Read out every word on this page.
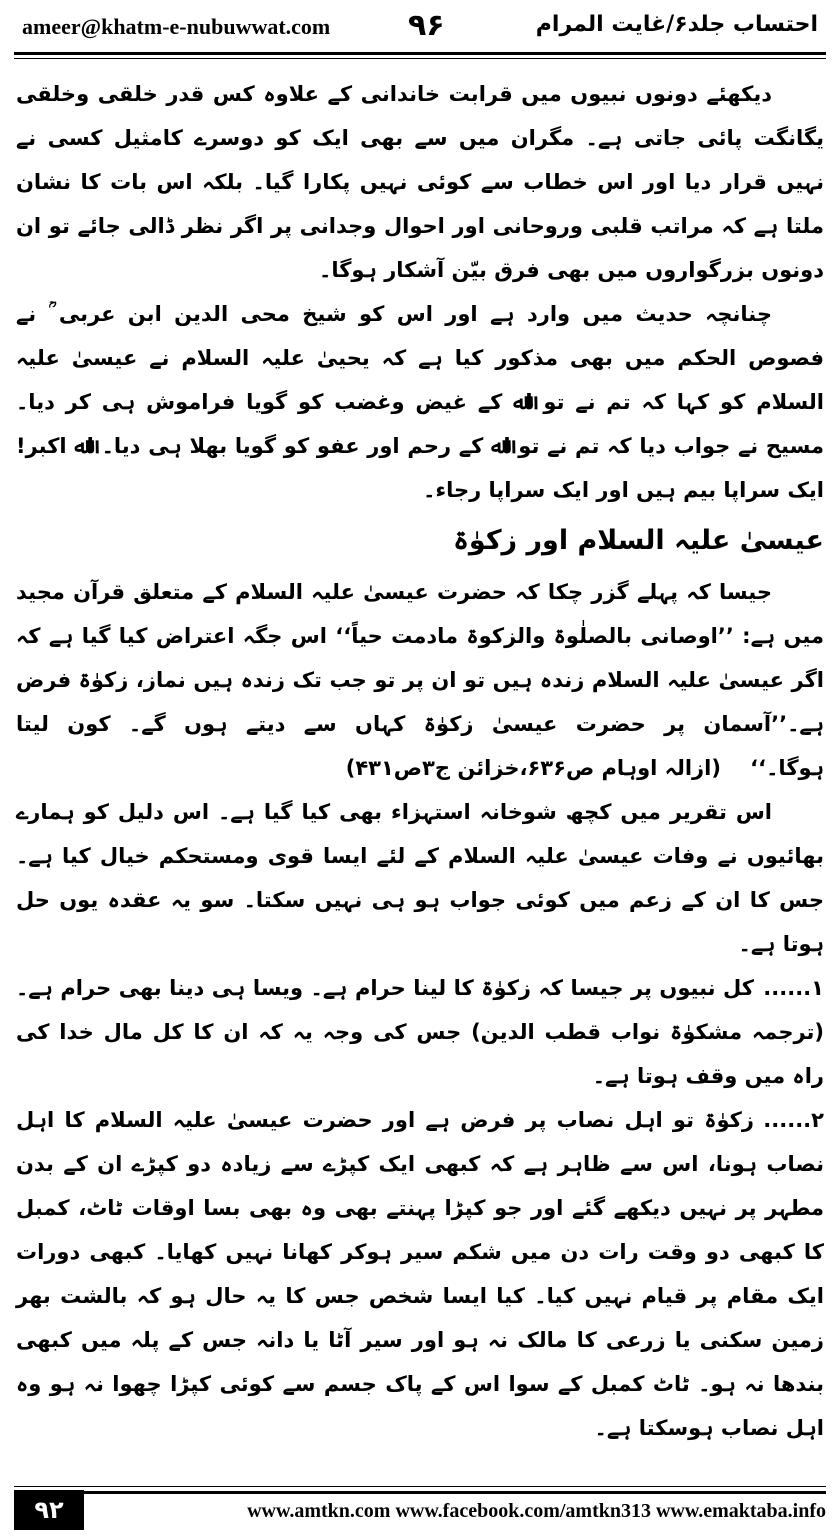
ameer@khatm-e-nubuwwat.com	۹۶	احتساب جلد۶/غایت المرام

دیکھئے دونوں نبیوں میں قرابت خاندانی کے علاوہ کس قدر خلقی وخلقی یگانگت پائی جاتی ہے۔ مگران میں سے بھی ایک کو دوسرے کامثیل کسی نے نہیں قرار دیا اور اس خطاب سے کوئی نہیں پکارا گیا۔ بلکہ اس بات کا نشان ملتا ہے کہ مراتب قلبی وروحانی اور احوال وجدانی پر اگر نظر ڈالی جائے تو ان دونوں بزرگواروں میں بھی فرق بیّن آشکار ہوگا۔

چنانچہ حدیث میں وارد ہے اور اس کو شیخ محی الدین ابن عربی ؒ نے فصوص الحکم میں بھی مذکور کیا ہے کہ یحییٰ علیہ السلام نے عیسیٰ علیہ السلام کو کہا کہ تم نے تو اﷲ کے غیض وغضب کو گویا فراموش ہی کر دیا۔ مسیح نے جواب دیا کہ تم نے تو اﷲ کے رحم اور عفو کو گویا بھلا ہی دیا۔ اﷲ اکبر! ایک سراپا بیم ہیں اور ایک سراپا رجاء۔

عیسیٰ علیہ السلام اور زکوٰۃ

جیسا کہ پہلے گزر چکا کہ حضرت عیسیٰ علیہ السلام کے متعلق قرآن مجید میں ہے: ’’اوصانی بالصلٰوۃ والزکوۃ مادمت حیاً‘‘ اس جگہ اعتراض کیا گیا ہے کہ اگر عیسیٰ علیہ السلام زندہ ہیں تو ان پر تو جب تک زندہ ہیں نماز، زکوٰۃ فرض ہے۔’’آسمان پر حضرت عیسیٰ زکوٰۃ کہاں سے دیتے ہوں گے۔ کون لیتا ہوگا۔‘‘    (ازالہ اوہام ص۶۳۶،خزائن ج۳ص۴۳۱)

اس تقریر میں کچھ شوخانہ استہزاء بھی کیا گیا ہے۔ اس دلیل کو ہمارے بھائیوں نے وفات عیسیٰ علیہ السلام کے لئے ایسا قوی ومستحکم خیال کیا ہے۔ جس کا ان کے زعم میں کوئی جواب ہو ہی نہیں سکتا۔ سو یہ عقدہ یوں حل ہوتا ہے۔

۱......کل نبیوں پر جیسا کہ زکوٰۃ کا لینا حرام ہے۔ ویسا ہی دینا بھی حرام ہے۔(ترجمہ مشکوٰۃ نواب قطب الدین) جس کی وجہ یہ کہ ان کا کل مال خدا کی راہ میں وقف ہوتا ہے۔

۲......زکوٰۃ تو اہل نصاب پر فرض ہے اور حضرت عیسیٰ علیہ السلام کا اہل نصاب ہونا، اس سے ظاہر ہے کہ کبھی ایک کپڑے سے زیادہ دو کپڑے ان کے بدن مطہر پر نہیں دیکھے گئے اور جو کپڑا پہنتے بھی وہ بھی بسا اوقات ٹاٹ، کمبل کا کبھی دو وقت رات دن میں شکم سیر ہوکر کھانا نہیں کھایا۔ کبھی دورات ایک مقام پر قیام نہیں کیا۔ کیا ایسا شخص جس کا یہ حال ہو کہ بالشت بھر زمین سکنی یا زرعی کا مالک نہ ہو اور سیر آٹا یا دانہ جس کے پلہ میں کبھی بندھا نہ ہو۔ ٹاٹ کمبل کے سوا اس کے پاک جسم سے کوئی کپڑا چھوا نہ ہو وہ اہل نصاب ہوسکتا ہے۔

۹۲	www.amtkn.com www.facebook.com/amtkn313 www.emaktaba.info
